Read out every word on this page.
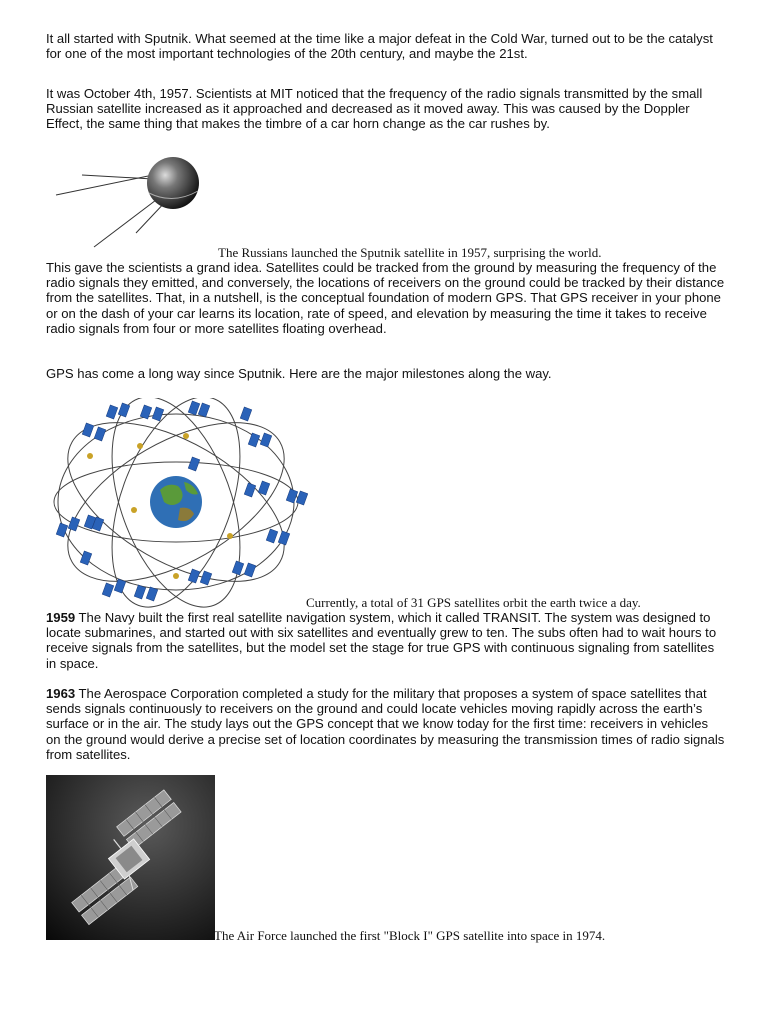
It all started with Sputnik. What seemed at the time like a major defeat in the Cold War, turned out to be the catalyst for one of the most important technologies of the 20th century, and maybe the 21st.

It was October 4th, 1957. Scientists at MIT noticed that the frequency of the radio signals transmitted by the small Russian satellite increased as it approached and decreased as it moved away. This was caused by the Doppler Effect, the same thing that makes the timbre of a car horn change as the car rushes by.

The Russians launched the Sputnik satellite in 1957, surprising the world.

This gave the scientists a grand idea. Satellites could be tracked from the ground by measuring the frequency of the radio signals they emitted, and conversely, the locations of receivers on the ground could be tracked by their distance from the satellites. That, in a nutshell, is the conceptual foundation of modern GPS. That GPS receiver in your phone or on the dash of your car learns its location, rate of speed, and elevation by measuring the time it takes to receive radio signals from four or more satellites floating overhead.

GPS has come a long way since Sputnik. Here are the major milestones along the way.

Currently, a total of 31 GPS satellites orbit the earth twice a day.

1959 The Navy built the first real satellite navigation system, which it called TRANSIT. The system was designed to locate submarines, and started out with six satellites and eventually grew to ten. The subs often had to wait hours to receive signals from the satellites, but the model set the stage for true GPS with continuous signaling from satellites in space.

1963 The Aerospace Corporation completed a study for the military that proposes a system of space satellites that sends signals continuously to receivers on the ground and could locate vehicles moving rapidly across the earth’s surface or in the air. The study lays out the GPS concept that we know today for the first time: receivers in vehicles on the ground would derive a precise set of location coordinates by measuring the transmission times of radio signals from satellites.

The Air Force launched the first "Block I" GPS satellite into space in 1974.
